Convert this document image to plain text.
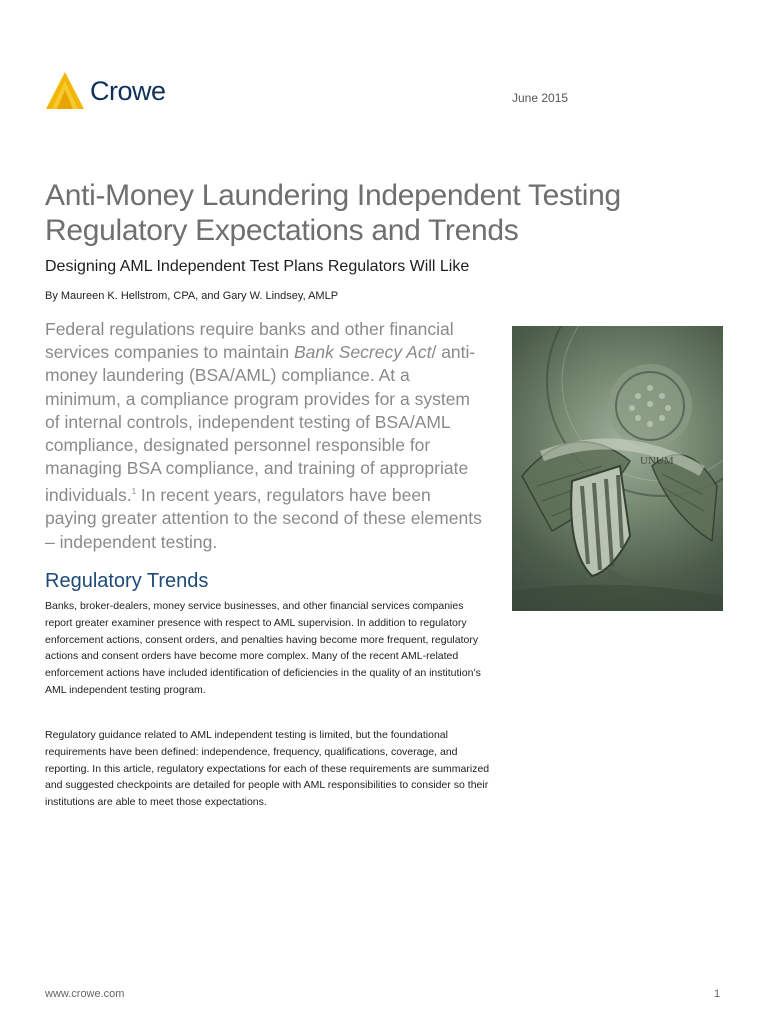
Crowe	June 2015
Anti-Money Laundering Independent Testing Regulatory Expectations and Trends
Designing AML Independent Test Plans Regulators Will Like
By Maureen K. Hellstrom, CPA, and Gary W. Lindsey, AMLP

Federal regulations require banks and other financial services companies to maintain Bank Secrecy Act/ anti-money laundering (BSA/AML) compliance. At a minimum, a compliance program provides for a system of internal controls, independent testing of BSA/AML compliance, designated personnel responsible for managing BSA compliance, and training of appropriate individuals.$^1$ In recent years, regulators have been paying greater attention to the second of these elements – independent testing.

UNUM
Regulatory Trends

Banks, broker-dealers, money service businesses, and other financial services companies report greater examiner presence with respect to AML supervision. In addition to regulatory enforcement actions, consent orders, and penalties having become more frequent, regulatory actions and consent orders have become more complex. Many of the recent AML-related enforcement actions have included identification of deficiencies in the quality of an institution’s AML independent testing program.

Regulatory guidance related to AML independent testing is limited, but the foundational requirements have been defined: independence, frequency, qualifications, coverage, and reporting. In this article, regulatory expectations for each of these requirements are summarized and suggested checkpoints are detailed for people with AML responsibilities to consider so their institutions are able to meet those expectations.

www.crowe.com	1
